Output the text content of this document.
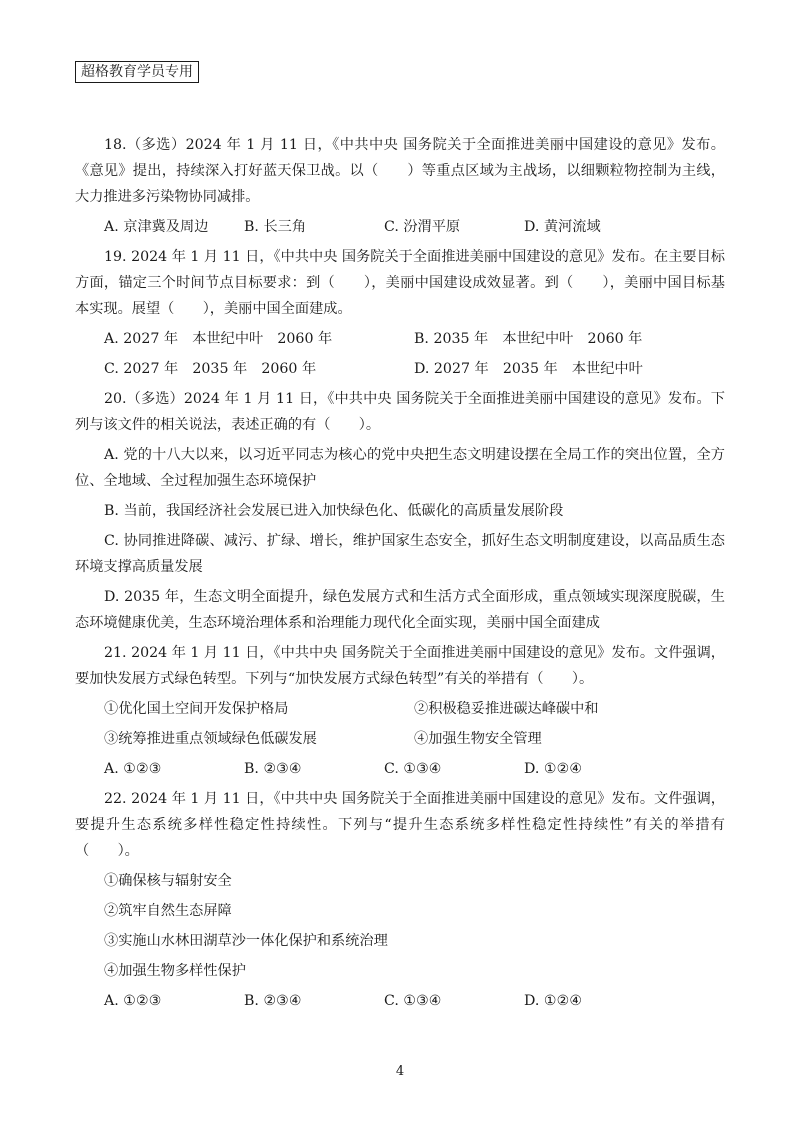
超格教育学员专用

18.（多选）2024 年 1 月 11 日，《中共中央 国务院关于全面推进美丽中国建设的意见》发布。《意见》提出，持续深入打好蓝天保卫战。以（　　）等重点区域为主战场，以细颗粒物控制为主线，大力推进多污染物协同减排。

A. 京津冀及周边	B. 长三角	C. 汾渭平原	D. 黄河流域

19. 2024 年 1 月 11 日，《中共中央 国务院关于全面推进美丽中国建设的意见》发布。在主要目标方面，锚定三个时间节点目标要求：到（　　），美丽中国建设成效显著。到（　　），美丽中国目标基本实现。展望（　　），美丽中国全面建成。

A. 2027 年　本世纪中叶　2060 年	B. 2035 年　本世纪中叶　2060 年
C. 2027 年　2035 年　2060 年	D. 2027 年　2035 年　本世纪中叶

20.（多选）2024 年 1 月 11 日，《中共中央 国务院关于全面推进美丽中国建设的意见》发布。下列与该文件的相关说法，表述正确的有（　　）。

A. 党的十八大以来，以习近平同志为核心的党中央把生态文明建设摆在全局工作的突出位置，全方位、全地域、全过程加强生态环境保护

B. 当前，我国经济社会发展已进入加快绿色化、低碳化的高质量发展阶段

C. 协同推进降碳、减污、扩绿、增长，维护国家生态安全，抓好生态文明制度建设，以高品质生态环境支撑高质量发展

D. 2035 年，生态文明全面提升，绿色发展方式和生活方式全面形成，重点领域实现深度脱碳，生态环境健康优美，生态环境治理体系和治理能力现代化全面实现，美丽中国全面建成

21. 2024 年 1 月 11 日，《中共中央 国务院关于全面推进美丽中国建设的意见》发布。文件强调，要加快发展方式绿色转型。下列与“加快发展方式绿色转型”有关的举措有（　　）。

①优化国土空间开发保护格局	②积极稳妥推进碳达峰碳中和
③统筹推进重点领域绿色低碳发展	④加强生物安全管理
A. ①②③	B. ②③④	C. ①③④	D. ①②④

22. 2024 年 1 月 11 日，《中共中央 国务院关于全面推进美丽中国建设的意见》发布。文件强调，要提升生态系统多样性稳定性持续性。下列与“提升生态系统多样性稳定性持续性”有关的举措有（　　）。

①确保核与辐射安全

②筑牢自然生态屏障

③实施山水林田湖草沙一体化保护和系统治理

④加强生物多样性保护

A. ①②③	B. ②③④	C. ①③④	D. ①②④
4
